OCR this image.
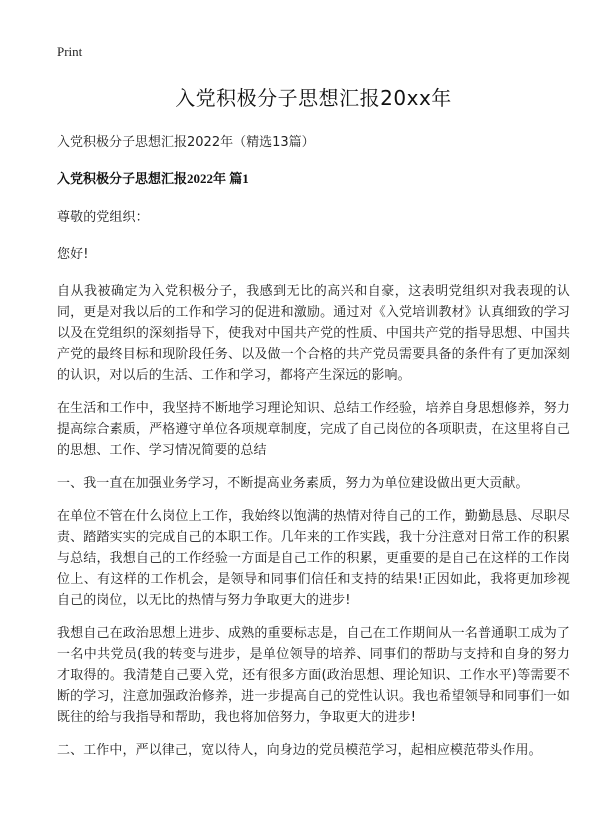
Print
入党积极分子思想汇报20xx年
入党积极分子思想汇报2022年（精选13篇）
入党积极分子思想汇报2022年 篇1

尊敬的党组织：

您好!

自从我被确定为入党积极分子，我感到无比的高兴和自豪，这表明党组织对我表现的认同，更是对我以后的工作和学习的促进和激励。通过对《入党培训教材》认真细致的学习以及在党组织的深刻指导下，使我对中国共产党的性质、中国共产党的指导思想、中国共产党的最终目标和现阶段任务、以及做一个合格的共产党员需要具备的条件有了更加深刻的认识，对以后的生活、工作和学习，都将产生深远的影响。

在生活和工作中，我坚持不断地学习理论知识、总结工作经验，培养自身思想修养，努力提高综合素质，严格遵守单位各项规章制度，完成了自己岗位的各项职责，在这里将自己的思想、工作、学习情况简要的总结

一、我一直在加强业务学习，不断提高业务素质，努力为单位建设做出更大贡献。

在单位不管在什么岗位上工作，我始终以饱满的热情对待自己的工作，勤勤恳恳、尽职尽责、踏踏实实的完成自己的本职工作。几年来的工作实践，我十分注意对日常工作的积累与总结，我想自己的工作经验一方面是自己工作的积累，更重要的是自己在这样的工作岗位上、有这样的工作机会，是领导和同事们信任和支持的结果!正因如此，我将更加珍视自己的岗位，以无比的热情与努力争取更大的进步!

我想自己在政治思想上进步、成熟的重要标志是，自己在工作期间从一名普通职工成为了一名中共党员(我的转变与进步，是单位领导的培养、同事们的帮助与支持和自身的努力才取得的。我清楚自己要入党，还有很多方面(政治思想、理论知识、工作水平)等需要不断的学习，注意加强政治修养，进一步提高自己的党性认识。我也希望领导和同事们一如既往的给与我指导和帮助，我也将加倍努力，争取更大的进步!

二、工作中，严以律己，宽以待人，向身边的党员模范学习，起相应模范带头作用。
